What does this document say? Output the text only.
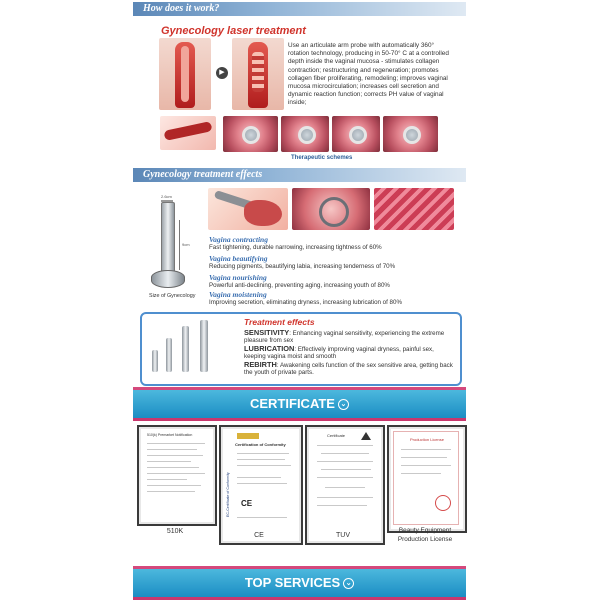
How does it work?
Gynecology laser treatment
▶
Use an articulate arm probe with automatically 360° rotation technology, producing in 50-70° C at a controlled depth inside the vaginal mucosa - stimulates collagen contraction; restructuring and regeneration; promotes collagen fiber proliferating, remodeling; improves vaginal mucosa microcirculation; increases cell secretion and dynamic reaction function; corrects PH value of vaginal inside;
Therapeutic schemes
Gynecology treatment effects
2.6cm
9cm
Size of Gynecology
Vagina contracting
Fast tightening, durable narrowing, increasing tightness of 60%
Vagina beautifying
Reducing pigments, beautifying labia, increasing tenderness of 70%
Vagina nourishing
Powerful anti-declining, preventing aging, increasing youth of 80%
Vagina moistening
Improving secretion, eliminating dryness, increasing lubrication of 80%
Treatment effects
SENSITIVITY: Enhancing vaginal sensitivity, experiencing the extreme pleasure from sex
LUBRICATION: Effectively improving vaginal dryness, painful sex, keeping vagina moist and smooth
REBIRTH: Awakening cells function of the sex sensitive area, getting back the youth of private parts.
CERTIFICATE ⌄
510(k) Premarket Notification
EC-Certificate of Conformity
Certification of Conformity
CE
Certificate
Production License
510K
CE	TUV
Beauty Equipment
Production License
TOP SERVICES ⌄
